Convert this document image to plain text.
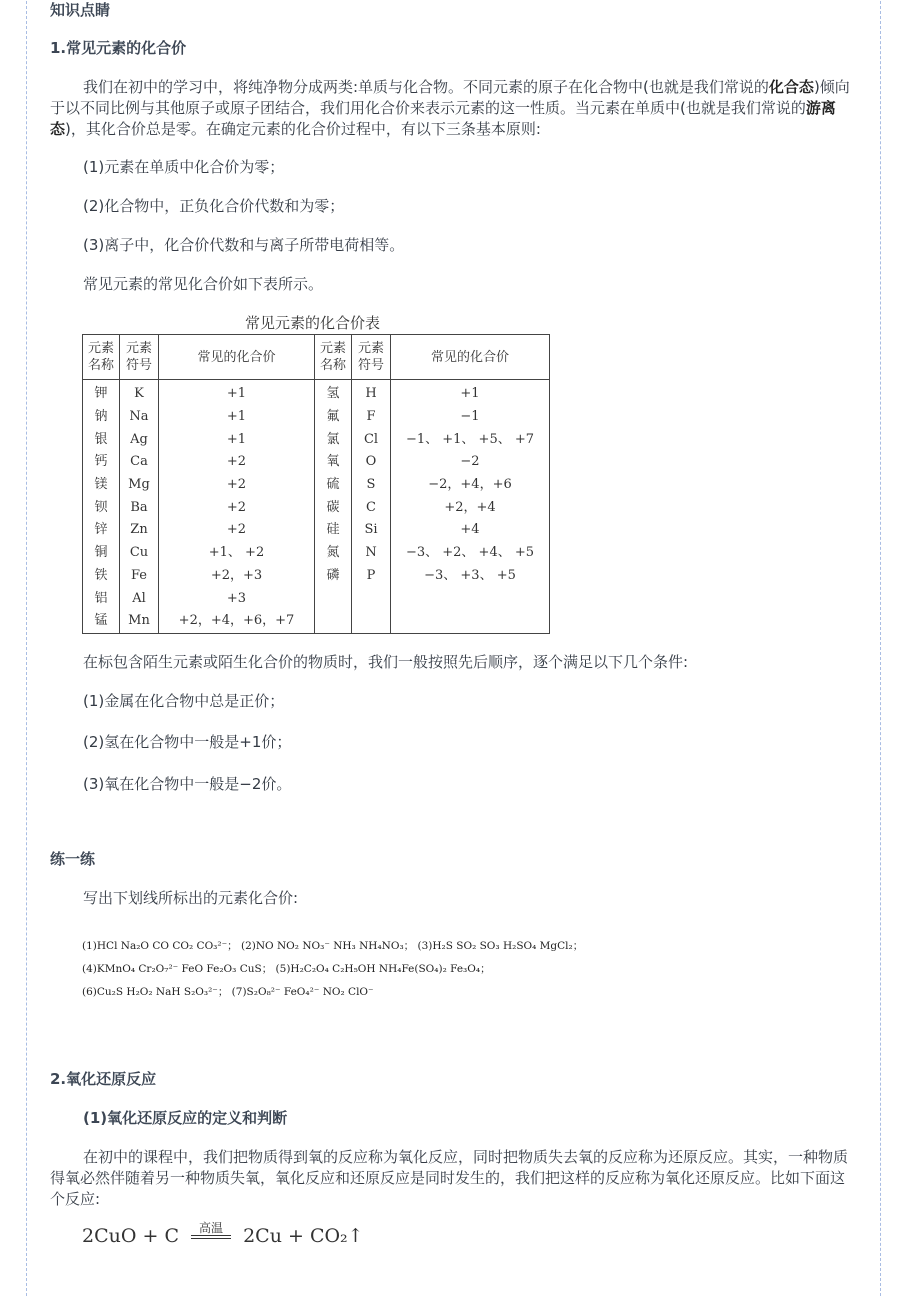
知识点睛
1.常见元素的化合价
我们在初中的学习中，将纯净物分成两类:单质与化合物。不同元素的原子在化合物中(也就是我们常说的化合态)倾向于以不同比例与其他原子或原子团结合，我们用化合价来表示元素的这一性质。当元素在单质中(也就是我们常说的游离态)，其化合价总是零。在确定元素的化合价过程中，有以下三条基本原则:
(1)元素在单质中化合价为零；
(2)化合物中，正负化合价代数和为零；
(3)离子中，化合价代数和与离子所带电荷相等。
常见元素的常见化合价如下表所示。
常见元素的化合价表
元素名称	元素符号	常见的化合价	元素名称	元素符号	常见的化合价
钾	K	+1	氢	H	+1
钠	Na	+1	氟	F	−1
银	Ag	+1	氯	Cl	−1、 +1、 +5、 +7
钙	Ca	+2	氧	O	−2
镁	Mg	+2	硫	S	−2，+4，+6
钡	Ba	+2	碳	C	+2，+4
锌	Zn	+2	硅	Si	+4
铜	Cu	+1、 +2	氮	N	−3、 +2、 +4、 +5
铁	Fe	+2，+3	磷	P	−3、 +3、 +5
铝	Al	+3			
锰	Mn	+2，+4，+6，+7			
在标包含陌生元素或陌生化合价的物质时，我们一般按照先后顺序，逐个满足以下几个条件:
(1)金属在化合物中总是正价；
(2)氢在化合物中一般是+1价；
(3)氧在化合物中一般是−2价。
练一练
写出下划线所标出的元素化合价:
(1)HCl Na₂O CO CO₂ CO₃²⁻； (2)NO NO₂ NO₃⁻ NH₃ NH₄NO₃； (3)H₂S SO₂ SO₃ H₂SO₄ MgCl₂；
(4)KMnO₄ Cr₂O₇²⁻ FeO Fe₂O₃ CuS； (5)H₂C₂O₄ C₂H₅OH NH₄Fe(SO₄)₂ Fe₃O₄；
(6)Cu₂S H₂O₂ NaH S₂O₃²⁻； (7)S₂O₈²⁻ FeO₄²⁻ NO₂ ClO⁻
2.氧化还原反应
(1)氧化还原反应的定义和判断
在初中的课程中，我们把物质得到氧的反应称为氧化反应，同时把物质失去氧的反应称为还原反应。其实，一种物质得氧必然伴随着另一种物质失氧，氧化反应和还原反应是同时发生的，我们把这样的反应称为氧化还原反应。比如下面这个反应:
2CuO + C	高温	2Cu + CO₂↑
